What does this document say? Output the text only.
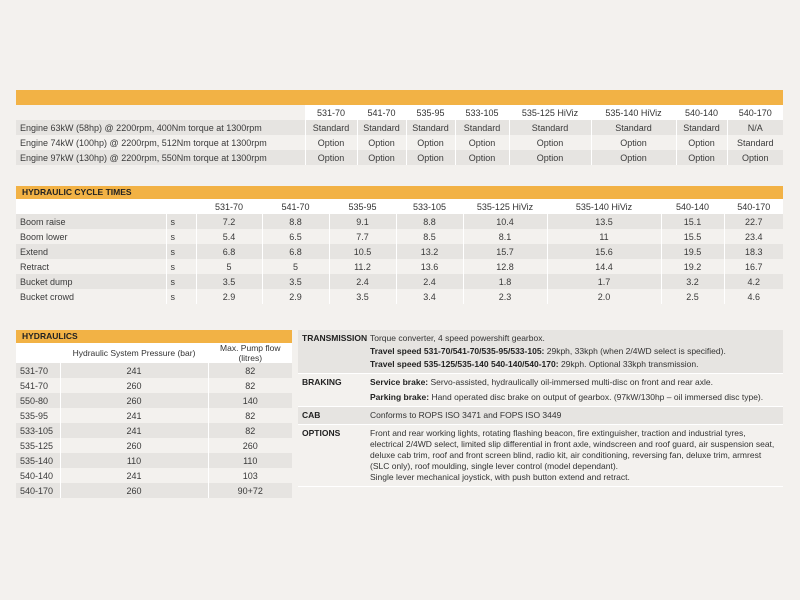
	531-70	541-70	535-95	533-105	535-125 HiViz	535-140 HiViz	540-140	540-170
Engine 63kW (58hp) @ 2200rpm, 400Nm torque at 1300rpm	Standard	Standard	Standard	Standard	Standard	Standard	Standard	N/A
Engine 74kW (100hp) @ 2200rpm, 512Nm torque at 1300rpm	Option	Option	Option	Option	Option	Option	Option	Standard
Engine 97kW (130hp) @ 2200rpm, 550Nm torque at 1300rpm	Option	Option	Option	Option	Option	Option	Option	Option
HYDRAULIC CYCLE TIMES
		531-70	541-70	535-95	533-105	535-125 HiViz	535-140 HiViz	540-140	540-170
Boom raise	s	7.2	8.8	9.1	8.8	10.4	13.5	15.1	22.7
Boom lower	s	5.4	6.5	7.7	8.5	8.1	11	15.5	23.4
Extend	s	6.8	6.8	10.5	13.2	15.7	15.6	19.5	18.3
Retract	s	5	5	11.2	13.6	12.8	14.4	19.2	16.7
Bucket dump	s	3.5	3.5	2.4	2.4	1.8	1.7	3.2	4.2
Bucket crowd	s	2.9	2.9	3.5	3.4	2.3	2.0	2.5	4.6
HYDRAULICS
	Hydraulic System Pressure (bar)	Max. Pump flow (litres)
531-70	241	82
541-70	260	82
550-80	260	140
535-95	241	82
533-105	241	82
535-125	260	260
535-140	110	110
540-140	241	103
540-170	260	90+72
TRANSMISSION	Torque converter, 4 speed powershift gearbox.
Travel speed 531-70/541-70/535-95/533-105: 29kph, 33kph (when 2/4WD select is specified).
Travel speed 535-125/535-140 540-140/540-170: 29kph. Optional 33kph transmission.

BRAKING	Service brake: Servo-assisted, hydraulically oil-immersed multi-disc on front and rear axle.
Parking brake: Hand operated disc brake on output of gearbox. (97kW/130hp – oil immersed disc type).

CAB	Conforms to ROPS ISO 3471 and FOPS ISO 3449
OPTIONS	Front and rear working lights, rotating flashing beacon, fire extinguisher, traction and industrial tyres, electrical 2/4WD select, limited slip differential in front axle, windscreen and roof guard, air suspension seat, deluxe cab trim, roof and front screen blind, radio kit, air conditioning, reversing fan, deluxe trim, armrest (SLC only), roof moulding, single lever control (model dependant).
Single lever mechanical joystick, with push button extend and retract.
